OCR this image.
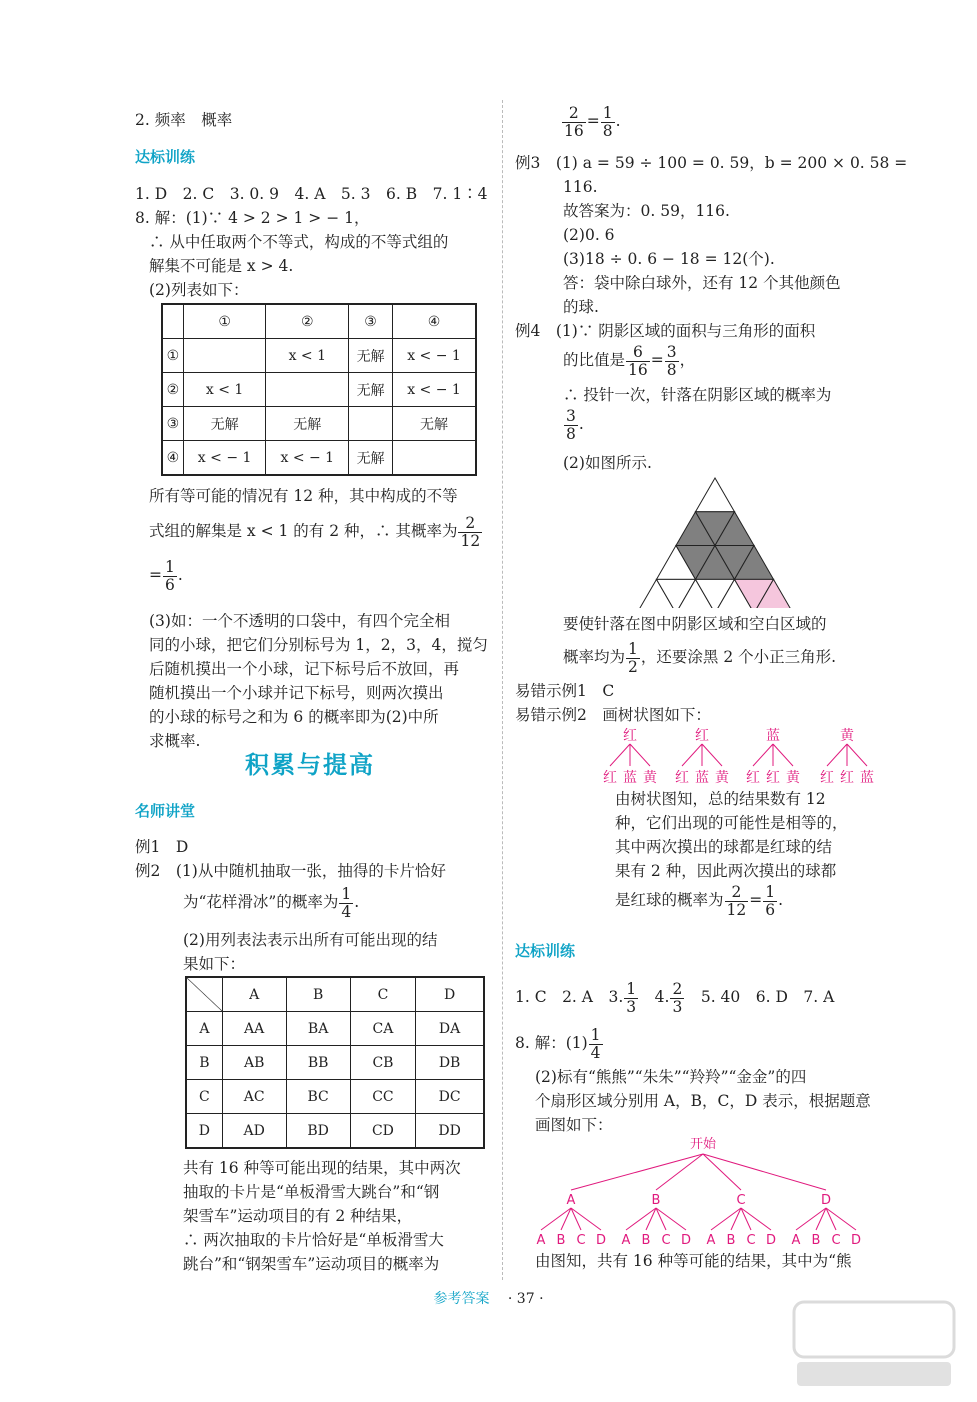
2. 频率　概率
达标训练
1. D　2. C　3. 0. 9　4. A　5. 3　6. B　7. 1∶4
8. 解：(1)∵ 4 > 2 > 1 > − 1，
∴ 从中任取两个不等式，构成的不等式组的
解集不可能是 x > 4.
(2)列表如下：
	①	②	③	④
①		x < 1	无解	x < − 1
②	x < 1		无解	x < − 1
③	无解	无解		无解
④	x < − 1	x < − 1	无解	
所有等可能的情况有 12 种，其中构成的不等
式组的解集是 x < 1 的有 2 种，∴ 其概率为 $\frac{2}{12}$
= $\frac{1}{6}$ .
(3)如：一个不透明的口袋中，有四个完全相
同的小球，把它们分别标号为 1，2，3，4，搅匀
后随机摸出一个小球，记下标号后不放回，再
随机摸出一个小球并记下标号，则两次摸出
的小球的标号之和为 6 的概率即为(2)中所
求概率.
积累与提高
名师讲堂
例1　D
例2　(1)从中随机抽取一张，抽得的卡片恰好
为“花样滑冰”的概率为 $\frac{1}{4}$ .
(2)用列表法表示出所有可能出现的结
果如下：
	A	B	C	D
A	AA	BA	CA	DA
B	AB	BB	CB	DB
C	AC	BC	CC	DC
D	AD	BD	CD	DD
共有 16 种等可能出现的结果，其中两次
抽取的卡片是“单板滑雪大跳台”和“钢
架雪车”运动项目的有 2 种结果，
∴ 两次抽取的卡片恰好是“单板滑雪大
跳台”和“钢架雪车”运动项目的概率为
$\frac{2}{16} = \frac{1}{8}$ .
例3　(1) a = 59 ÷ 100 = 0. 59，b = 200 × 0. 58 =
116.
故答案为：0. 59，116.
(2)0. 6
(3)18 ÷ 0. 6 − 18 = 12(个).
答：袋中除白球外，还有 12 个其他颜色
的球.
例4　(1)∵ 阴影区域的面积与三角形的面积
的比值是 $\frac{6}{16} = \frac{3}{8}$ ，
∴ 投针一次，针落在阴影区域的概率为
$\frac{3}{8}$ .
(2)如图所示.
要使针落在图中阴影区域和空白区域的
概率均为 $\frac{1}{2}$ ，还要涂黑 2 个小正三角形.
易错示例1　C
易错示例2　画树状图如下：
红
红 蓝 黄
红
红 蓝 黄
蓝
红 红 黄
黄
红 红 蓝
由树状图知，总的结果数有 12
种，它们出现的可能性是相等的，
其中两次摸出的球都是红球的结
果有 2 种，因此两次摸出的球都
是红球的概率为 $\frac{2}{12} = \frac{1}{6}$ .
达标训练
1. C　2. A　3. $\frac{1}{3}$ 　4. $\frac{2}{3}$ 　5. 40　6. D　7. A
8. 解：$(1) \frac{1}{4}$
(2)标有“熊熊”“朱朱”“羚羚”“金金”的四
个扇形区域分别用 A，B，C，D 表示，根据题意
画图如下：
开始
A
A B C D
B
A B C D
C
A B C D
D
A B C D
由图知，共有 16 种等可能的结果，其中为“熊
参考答案 · 37 ·
